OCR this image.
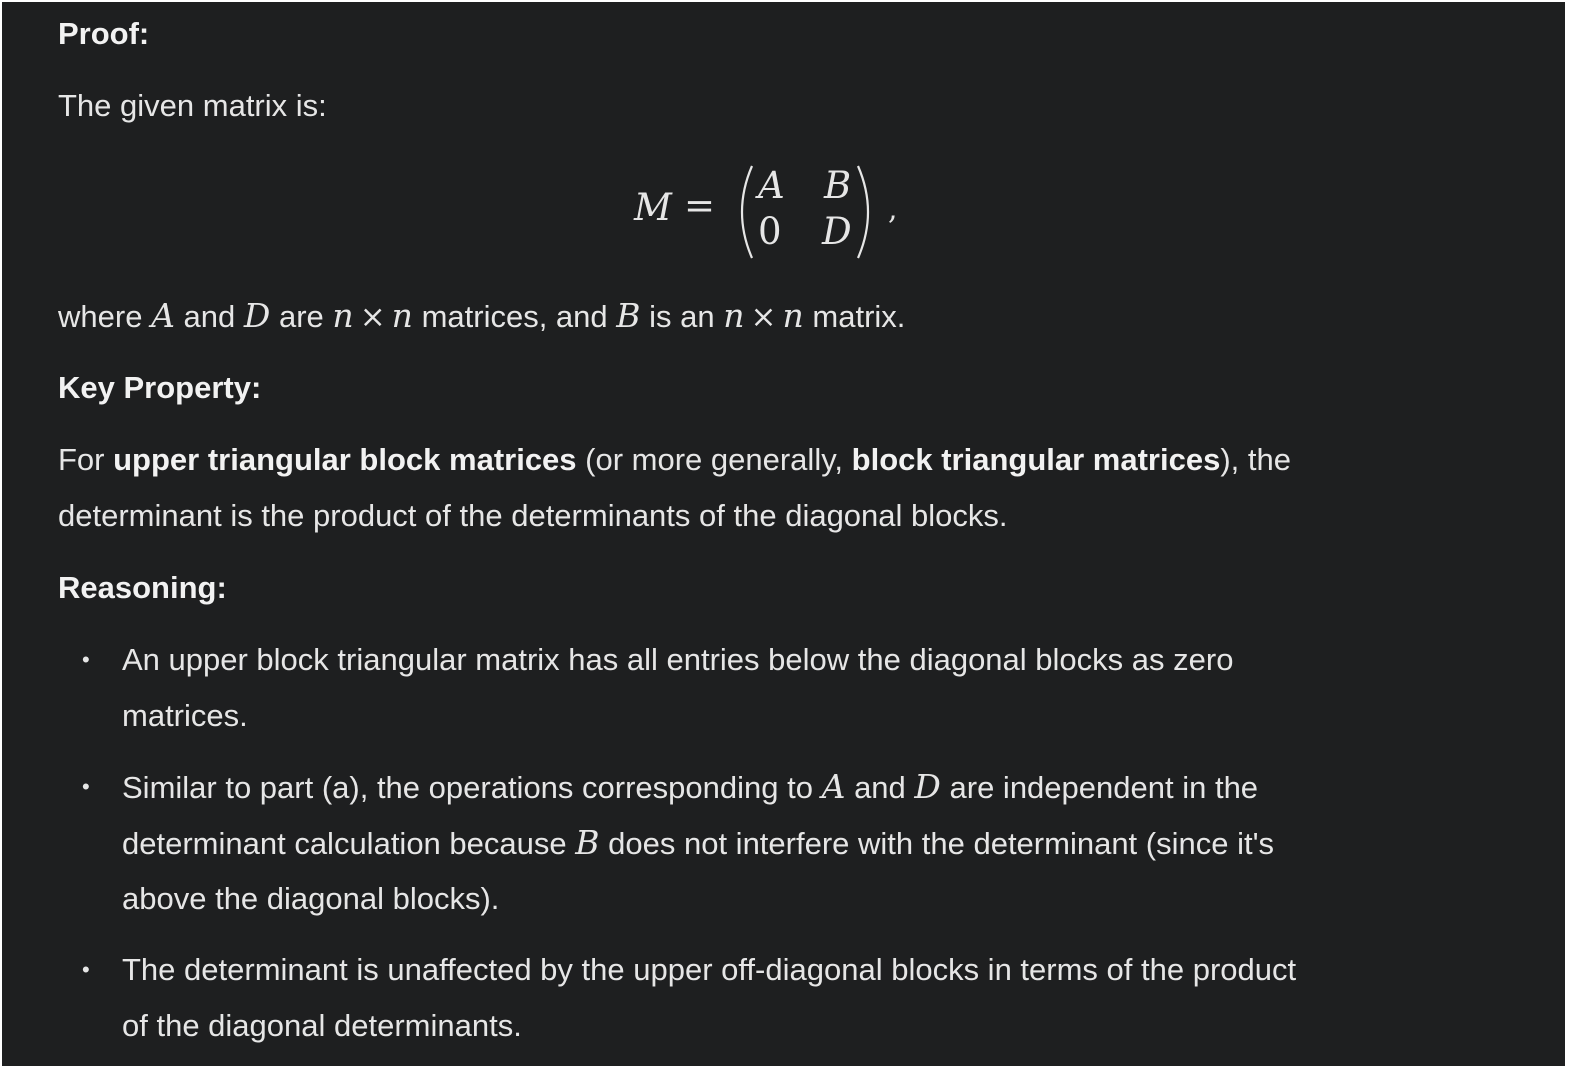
Proof:
The given matrix is:
M = A B
0 D
,
where A and D are n × n matrices, and B is an n × n matrix.
Key Property:
For upper triangular block matrices (or more generally, block triangular matrices), the
determinant is the product of the determinants of the diagonal blocks.
Reasoning:
• An upper block triangular matrix has all entries below the diagonal blocks as zero
matrices.
• Similar to part (a), the operations corresponding to A and D are independent in the
determinant calculation because B does not interfere with the determinant (since it's
above the diagonal blocks).
• The determinant is unaffected by the upper off-diagonal blocks in terms of the product
of the diagonal determinants.
